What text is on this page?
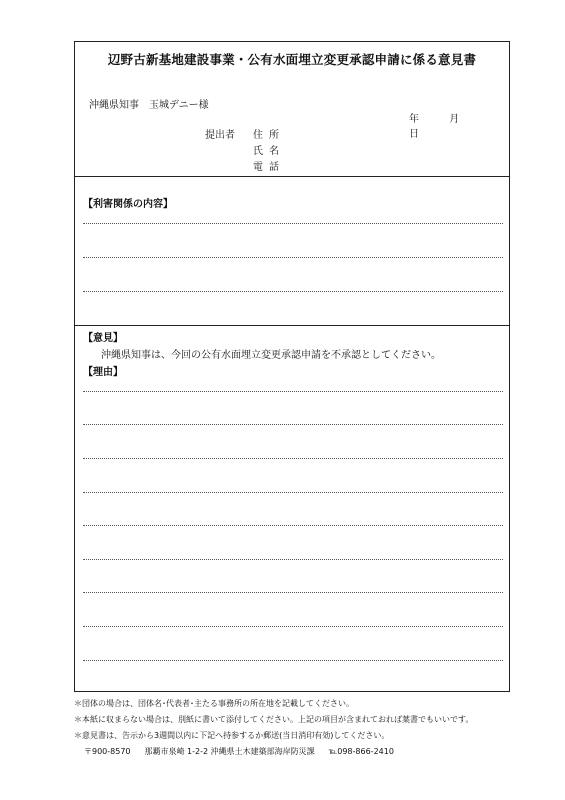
辺野古新基地建設事業・公有水面埋立変更承認申請に係る意見書
沖縄県知事　玉城デニー様
年	月 日
提出者 住所
氏名
電話
【利害関係の内容】
【意見】
沖縄県知事は、今回の公有水面埋立変更承認申請を不承認としてください。
【理由】
＊団体の場合は、団体名･代表者･主たる事務所の所在地を記載してください。
＊本紙に収まらない場合は、別紙に書いて添付してください。上記の項目が含まれておれば葉書でもいいです。
＊意見書は、告示から3週間以内に下記へ持参するか郵送(当日消印有効)してください。
〒900-8570 那覇市泉崎 1-2-2 沖縄県土木建築部海岸防災課 ℡098-866-2410
